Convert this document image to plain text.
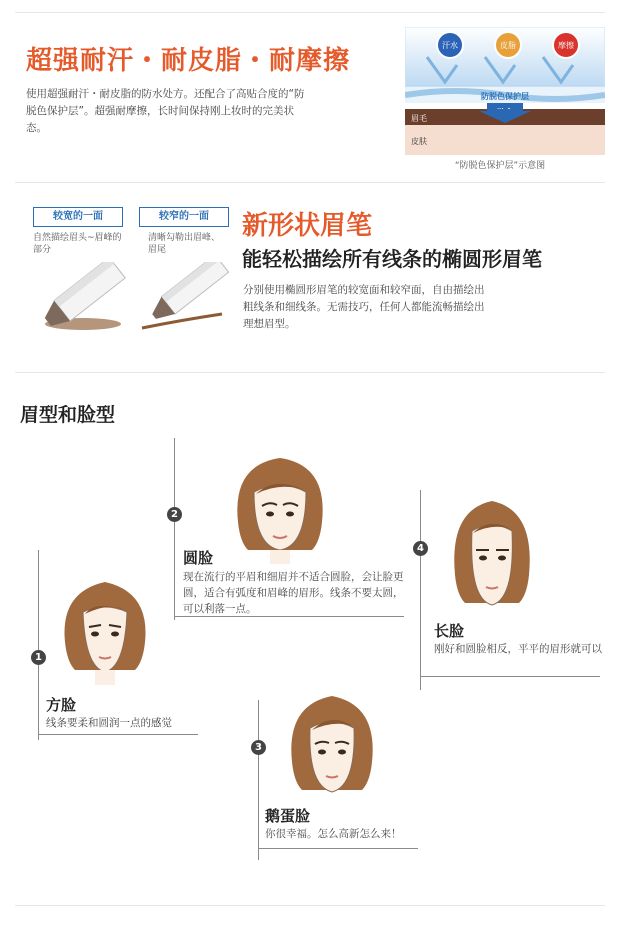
超强耐汗・耐皮脂・耐摩擦
使用超强耐汗・耐皮脂的防水处方。还配合了高贴合度的“防脱色保护层”。超强耐摩擦，长时间保持刚上妆时的完美状态。
汗水	皮脂	摩擦
防脱色保护层
眉毛
皮肤
“防脱色保护层”示意图
较宽的一面
自然描绘眉头~眉峰的部分
较窄的一面
清晰勾勒出眉峰、眉尾
新形状眉笔
能轻松描绘所有线条的椭圆形眉笔
分别使用椭圆形眉笔的较宽面和较窄面，自由描绘出粗线条和细线条。无需技巧，任何人都能流畅描绘出理想眉型。
眉型和脸型
1
2
3
4
方脸
线条要柔和圆润一点的感觉
圆脸
现在流行的平眉和细眉并不适合圆脸，会让脸更圆，适合有弧度和眉峰的眉形。线条不要太圆，可以利落一点。
鹅蛋脸
你很幸福。怎么高新怎么来！
长脸
刚好和圆脸相反，平平的眉形就可以
